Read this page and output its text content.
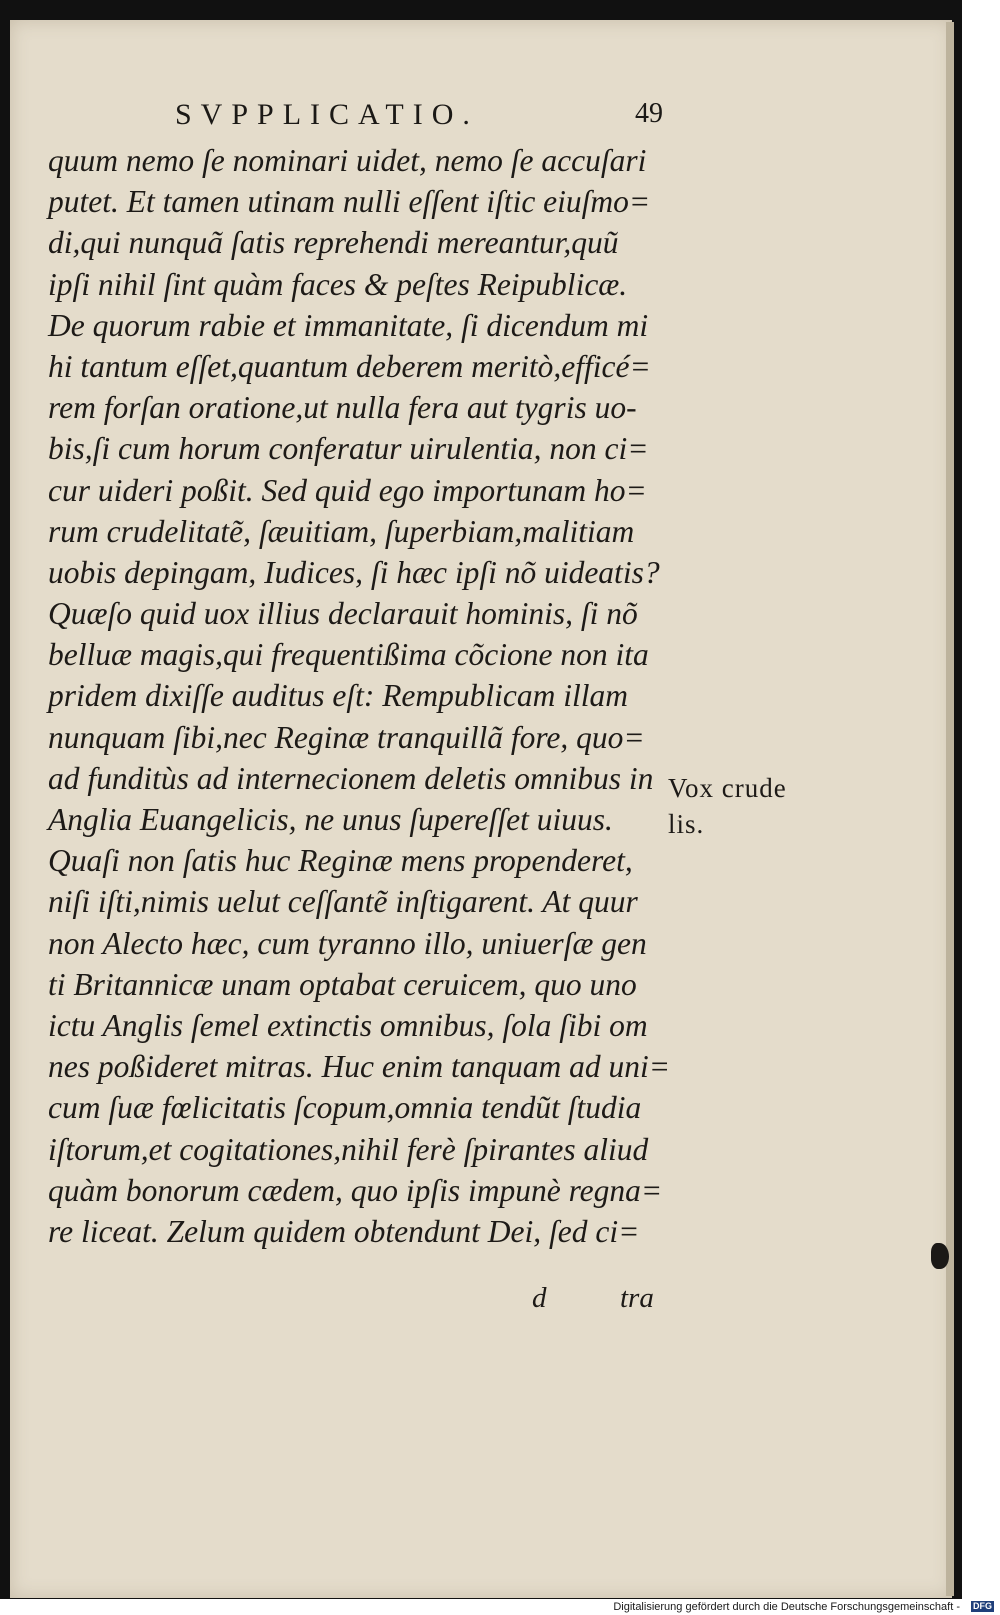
SVPPLICATIO.	49
quum nemo ſe nominari uidet, nemo ſe accuſari
putet. Et tamen utinam nulli eſſent iſtic eiuſmo=
di,qui nunquã ſatis reprehendi mereantur,quũ
ipſi nihil ſint quàm faces & peſtes Reipublicæ.
De quorum rabie et immanitate, ſi dicendum mi
hi tantum eſſet,quantum deberem meritò,efficé=
rem forſan oratione,ut nulla fera aut tygris uo-
bis,ſi cum horum conferatur uirulentia, non ci=
cur uideri poßit. Sed quid ego importunam ho=
rum crudelitatẽ, ſæuitiam, ſuperbiam,malitiam
uobis depingam, Iudices, ſi hæc ipſi nõ uideatis?
Quæſo quid uox illius declarauit hominis, ſi nõ
belluæ magis,qui frequentißima cõcione non ita
pridem dixiſſe auditus eſt: Rempublicam illam
nunquam ſibi,nec Reginæ tranquillã fore, quo=
ad funditùs ad internecionem deletis omnibus in
Anglia Euangelicis, ne unus ſupereſſet uiuus.
Quaſi non ſatis huc Reginæ mens propenderet,
niſi iſti,nimis uelut ceſſantẽ inſtigarent. At quur
non Alecto hæc, cum tyranno illo, uniuerſæ gen
ti Britannicæ unam optabat ceruicem, quo uno
ictu Anglis ſemel extinctis omnibus, ſola ſibi om
nes poßideret mitras. Huc enim tanquam ad uni=
cum ſuæ fœlicitatis ſcopum,omnia tendũt ſtudia
iſtorum,et cogitationes,nihil ferè ſpirantes aliud
quàm bonorum cædem, quo ipſis impunè regna=
re liceat. Zelum quidem obtendunt Dei, ſed ci=
Vox crude
lis.
d	tra
Digitalisierung gefördert durch die Deutsche Forschungsgemeinschaft - DFG
